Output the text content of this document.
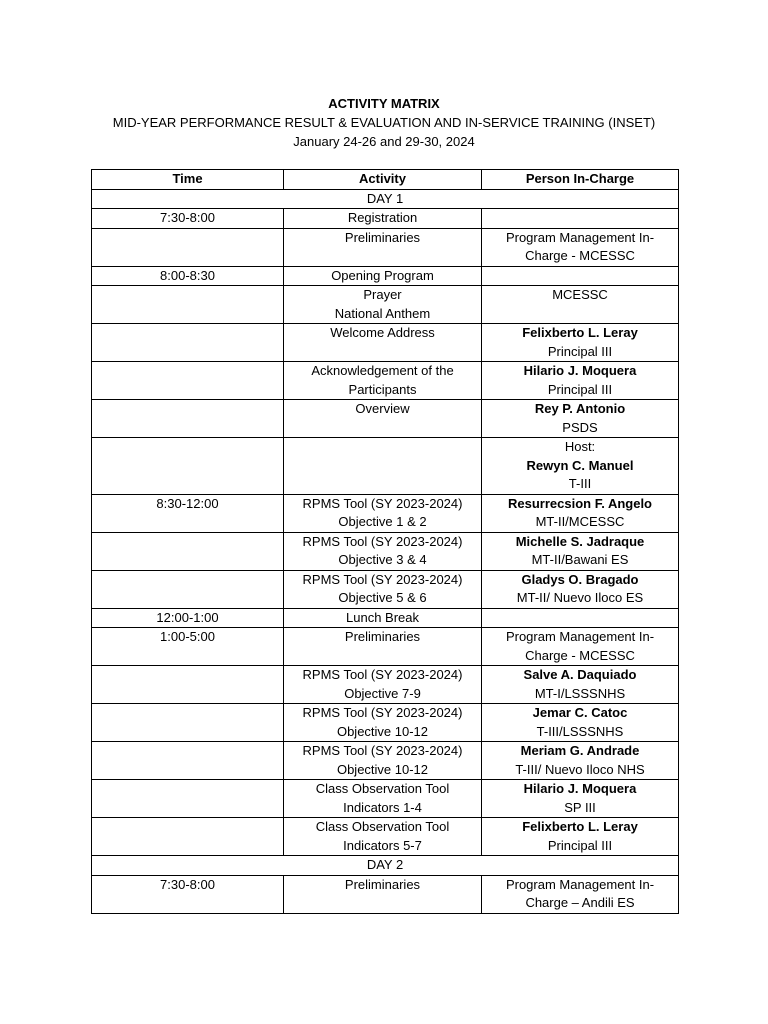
ACTIVITY MATRIX
MID-YEAR PERFORMANCE RESULT & EVALUATION AND IN-SERVICE TRAINING (INSET)
January 24-26 and 29-30, 2024
Time	Activity	Person In-Charge
DAY 1		

7:30-8:00	Registration	

	Preliminaries	Program Management In-
Charge - MCESSC

8:00-8:30	Opening Program	

	Prayer
National Anthem	MCESSC

	Welcome Address	Felixberto L. Leray
Principal III

	Acknowledgement of the
Participants	Hilario J. Moquera
Principal III

	Overview	Rey P. Antonio
PSDS

		Host:
Rewyn C. Manuel
T-III

8:30-12:00	RPMS Tool (SY 2023-2024)
Objective 1 & 2	Resurrecsion F. Angelo
MT-II/MCESSC

	RPMS Tool (SY 2023-2024)
Objective 3 & 4	Michelle S. Jadraque
MT-II/Bawani ES

	RPMS Tool (SY 2023-2024)
Objective 5 & 6	Gladys O. Bragado
MT-II/ Nuevo Iloco ES

12:00-1:00	Lunch Break	

1:00-5:00	Preliminaries	Program Management In-
Charge - MCESSC

	RPMS Tool (SY 2023-2024)
Objective 7-9	Salve A. Daquiado
MT-I/LSSSNHS

	RPMS Tool (SY 2023-2024)
Objective 10-12	Jemar C. Catoc
T-III/LSSSNHS

	RPMS Tool (SY 2023-2024)
Objective 10-12	Meriam G. Andrade
T-III/ Nuevo Iloco NHS

	Class Observation Tool
Indicators 1-4	Hilario J. Moquera
SP III

	Class Observation Tool
Indicators 5-7	Felixberto L. Leray
Principal III

DAY 2		

7:30-8:00	Preliminaries	Program Management In-
Charge – Andili ES
